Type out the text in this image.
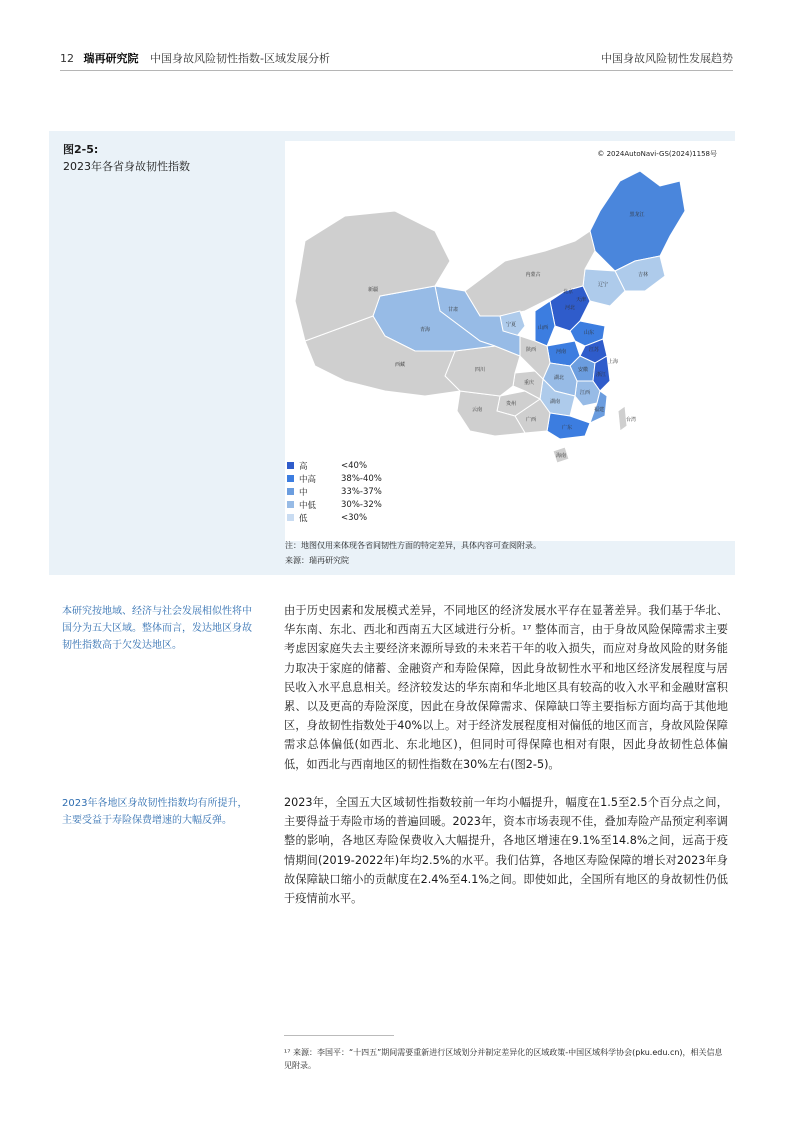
12 瑞再研究院 中国身故风险韧性指数-区域发展分析	中国身故风险韧性发展趋势
图2-5:
2023年各省身故韧性指数
新疆
西藏
青海
甘肃
内蒙古
宁夏
陕西
四川
重庆
云南
贵州
广西
广东
湖南
湖北
江西
福建
海南
黑龙江
吉林
辽宁
山东
江苏
安徽
河南
河北
山西
浙江
上海
北京
天津
台湾
© 2024AutoNavi-GS(2024)1158号
高	<40%
中高	38%-40%
中	33%-37%
中低	30%-32%
低	<30%
注：地图仅用来体现各省间韧性方面的特定差异，具体内容可查阅附录。
来源：瑞再研究院
本研究按地域、经济与社会发展相似性将中国分为五大区域。整体而言，发达地区身故韧性指数高于欠发达地区。
2023年各地区身故韧性指数均有所提升，主要受益于寿险保费增速的大幅反弹。
由于历史因素和发展模式差异，不同地区的经济发展水平存在显著差异。我们基于华北、华东南、东北、西北和西南五大区域进行分析。¹⁷ 整体而言，由于身故风险保障需求主要考虑因家庭失去主要经济来源所导致的未来若干年的收入损失，而应对身故风险的财务能力取决于家庭的储蓄、金融资产和寿险保障，因此身故韧性水平和地区经济发展程度与居民收入水平息息相关。经济较发达的华东南和华北地区具有较高的收入水平和金融财富积累、以及更高的寿险深度，因此在身故保障需求、保障缺口等主要指标方面均高于其他地区，身故韧性指数处于40%以上。对于经济发展程度相对偏低的地区而言，身故风险保障需求总体偏低(如西北、东北地区)，但同时可得保障也相对有限，因此身故韧性总体偏低，如西北与西南地区的韧性指数在30%左右(图2-5)。
2023年，全国五大区域韧性指数较前一年均小幅提升，幅度在1.5至2.5个百分点之间，主要得益于寿险市场的普遍回暖。2023年，资本市场表现不佳，叠加寿险产品预定利率调整的影响，各地区寿险保费收入大幅提升，各地区增速在9.1%至14.8%之间，远高于疫情期间(2019-2022年)年均2.5%的水平。我们估算，各地区寿险保障的增长对2023年身故保障缺口缩小的贡献度在2.4%至4.1%之间。即使如此，全国所有地区的身故韧性仍低于疫情前水平。
¹⁷ 来源：李国平：“十四五”期间需要重新进行区域划分并制定差异化的区域政策-中国区域科学协会(pku.edu.cn)，相关信息见附录。
